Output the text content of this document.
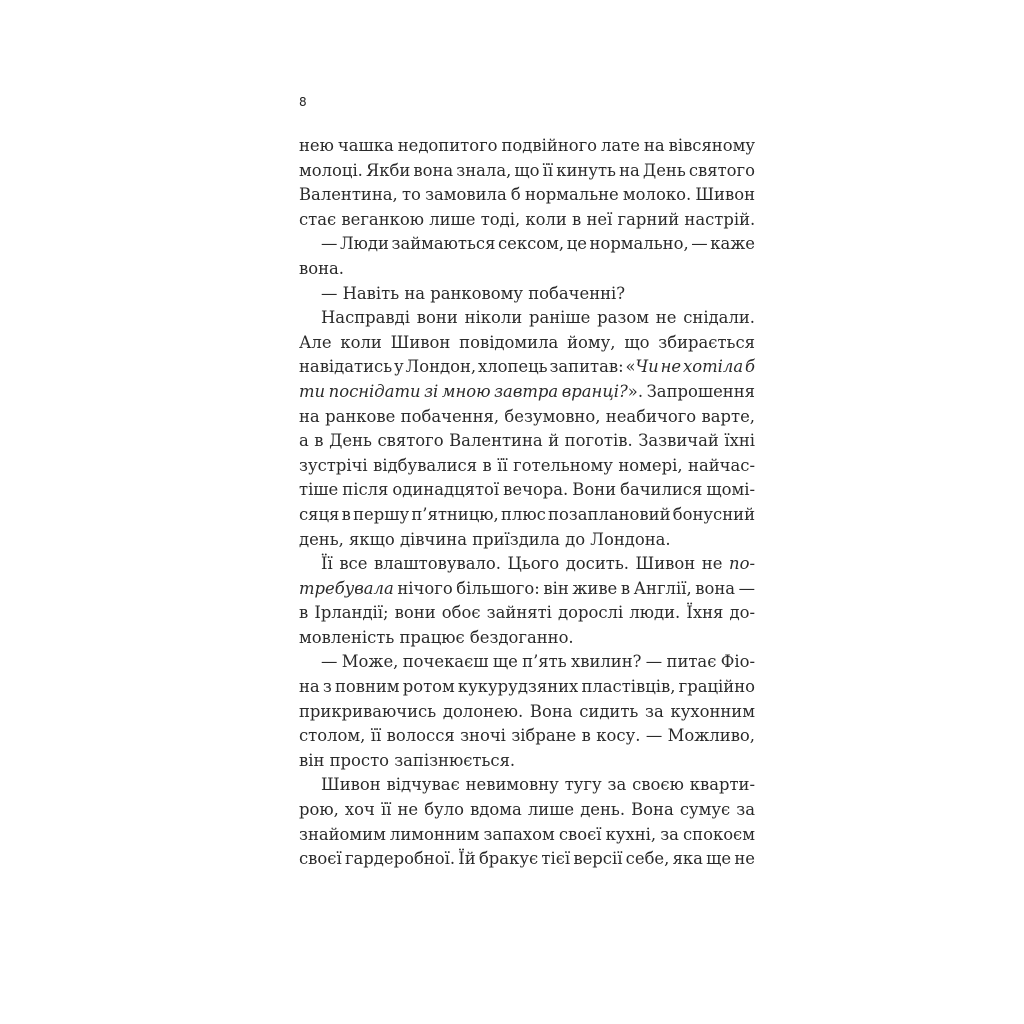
8
нею чашка недопитого подвійного лате на вівсяному
молоці. Якби вона знала, що її кинуть на День святого
Валентина, то замовила б нормальне молоко. Шивон
стає веганкою лише тоді, коли в неї гарний настрій.
— Люди займаються сексом, це нормально, — каже
вона.
— Навіть на ранковому побаченні?
Насправді вони ніколи раніше разом не снідали.
Але коли Шивон повідомила йому, що збирається
навідатись у Лондон, хлопець запитав: «Чи не хотіла б
ти поснідати зі мною завтра вранці?». Запрошення
на ранкове побачення, безумовно, неабичого варте,
а в День святого Валентина й поготів. Зазвичай їхні
зустрічі відбувалися в її готельному номері, найчас-
тіше після одинадцятої вечора. Вони бачилися щомі-
сяця в першу п’ятницю, плюс позаплановий бонусний
день, якщо дівчина приїздила до Лондона.
Її все влаштовувало. Цього досить. Шивон не по-
требувала нічого більшого: він живе в Англії, вона —
в Ірландії; вони обоє зайняті дорослі люди. Їхня до-
мовленість працює бездоганно.
— Може, почекаєш ще п’ять хвилин? — питає Фіо-
на з повним ротом кукурудзяних пластівців, граційно
прикриваючись долонею. Вона сидить за кухонним
столом, її волосся зночі зібране в косу. — Можливо,
він просто запізнюється.
Шивон відчуває невимовну тугу за своєю кварти-
рою, хоч її не було вдома лише день. Вона сумує за
знайомим лимонним запахом своєї кухні, за спокоєм
своєї гардеробної. Їй бракує тієї версії себе, яка ще не
